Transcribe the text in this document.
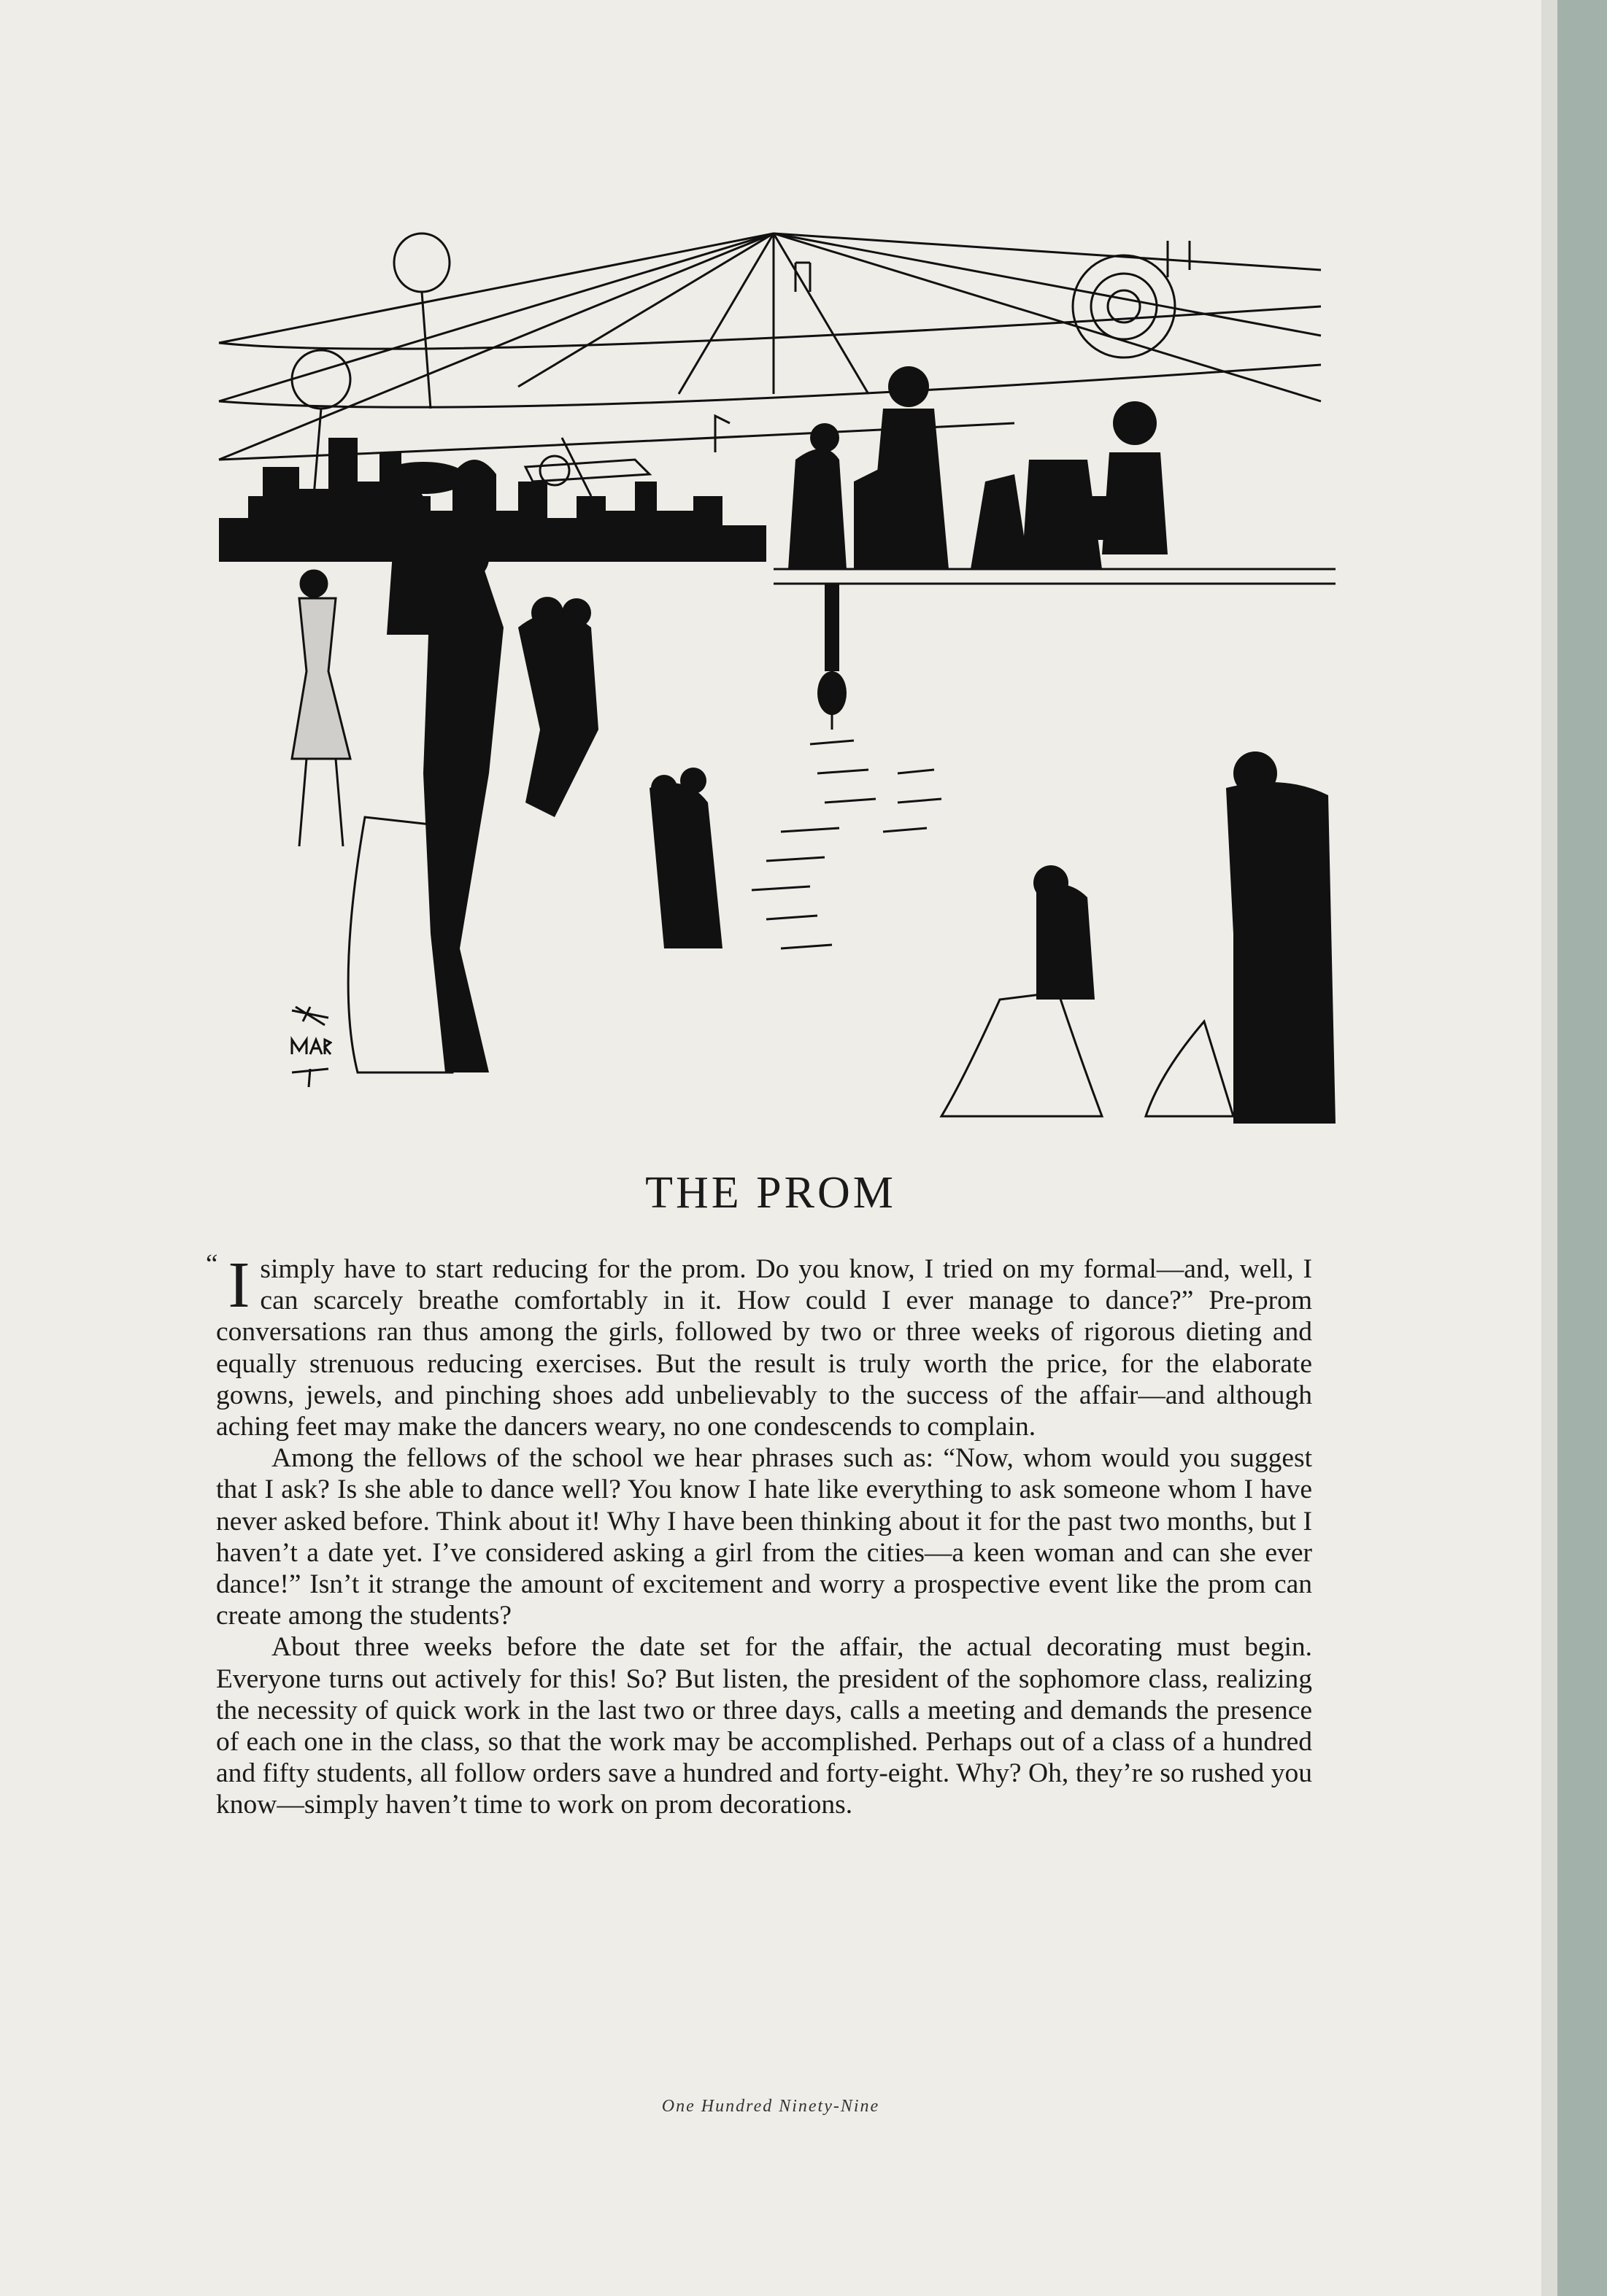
THE PROM

“ I simply have to start reducing for the prom. Do you know, I tried on my formal—and, well, I can scarcely breathe comfortably in it. How could I ever manage to dance?” Pre-prom conversations ran thus among the girls, followed by two or three weeks of rigorous dieting and equally strenuous reducing exercises. But the result is truly worth the price, for the elaborate gowns, jewels, and pinching shoes add unbelievably to the success of the affair—and although aching feet may make the dancers weary, no one condescends to complain.

Among the fellows of the school we hear phrases such as: “Now, whom would you suggest that I ask? Is she able to dance well? You know I hate like everything to ask someone whom I have never asked before. Think about it! Why I have been thinking about it for the past two months, but I haven’t a date yet. I’ve considered asking a girl from the cities—a keen woman and can she ever dance!” Isn’t it strange the amount of excitement and worry a prospective event like the prom can create among the students?

About three weeks before the date set for the affair, the actual decorating must begin. Everyone turns out actively for this! So? But listen, the president of the sophomore class, realizing the necessity of quick work in the last two or three days, calls a meeting and demands the presence of each one in the class, so that the work may be accomplished. Perhaps out of a class of a hundred and fifty students, all follow orders save a hundred and forty-eight. Why? Oh, they’re so rushed you know—simply haven’t time to work on prom decorations.

One Hundred Ninety-Nine
